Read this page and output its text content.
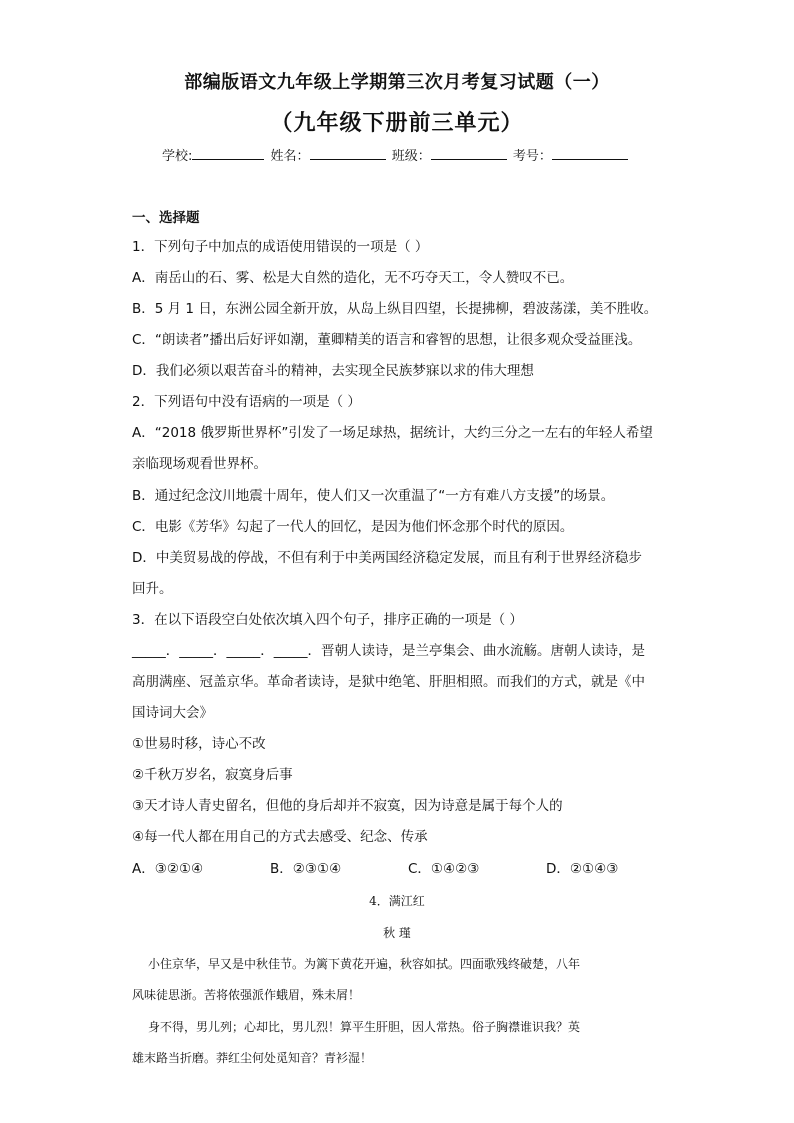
部编版语文九年级上学期第三次月考复习试题（一）
（九年级下册前三单元）
学校:	姓名：	班级：	考号：
一、选择题
1．下列句子中加点的成语使用错误的一项是（ ）
A．南岳山的石、雾、松是大自然的造化，无不巧夺天工，令人赞叹不已。
B．5 月 1 日，东洲公园全新开放，从岛上纵目四望，长提拂柳，碧波荡漾，美不胜收。
C．“朗读者”播出后好评如潮，董卿精美的语言和睿智的思想，让很多观众受益匪浅。
D．我们必须以艰苦奋斗的精神，去实现全民族梦寐以求的伟大理想
2．下列语句中没有语病的一项是（ ）
A．“2018 俄罗斯世界杯”引发了一场足球热，据统计，大约三分之一左右的年轻人希望
亲临现场观看世界杯。
B．通过纪念汶川地震十周年，使人们又一次重温了“一方有难八方支援”的场景。
C．电影《芳华》勾起了一代人的回忆，是因为他们怀念那个时代的原因。
D．中美贸易战的停战，不但有利于中美两国经济稳定发展，而且有利于世界经济稳步
回升。
3．在以下语段空白处依次填入四个句子，排序正确的一项是（ ）
_____．_____．_____．_____．晋朝人读诗，是兰亭集会、曲水流觞。唐朝人读诗，是
高朋满座、冠盖京华。革命者读诗，是狱中绝笔、肝胆相照。而我们的方式，就是《中
国诗词大会》
①世易时移，诗心不改
②千秋万岁名，寂寞身后事
③天才诗人青史留名，但他的身后却并不寂寞，因为诗意是属于每个人的
④每一代人都在用自己的方式去感受、纪念、传承
A．③②①④	B．②③①④	C．①④②③	D．②①④③
4．满江红
秋 瑾
小住京华，早又是中秋佳节。为篱下黄花开遍，秋容如拭。四面歌残终破楚，八年
风味徒思浙。苦将侬强派作蛾眉，殊未屑！
身不得，男儿列；心却比，男儿烈！算平生肝胆，因人常热。俗子胸襟谁识我？英
雄末路当折磨。莽红尘何处觅知音？青衫湿！
